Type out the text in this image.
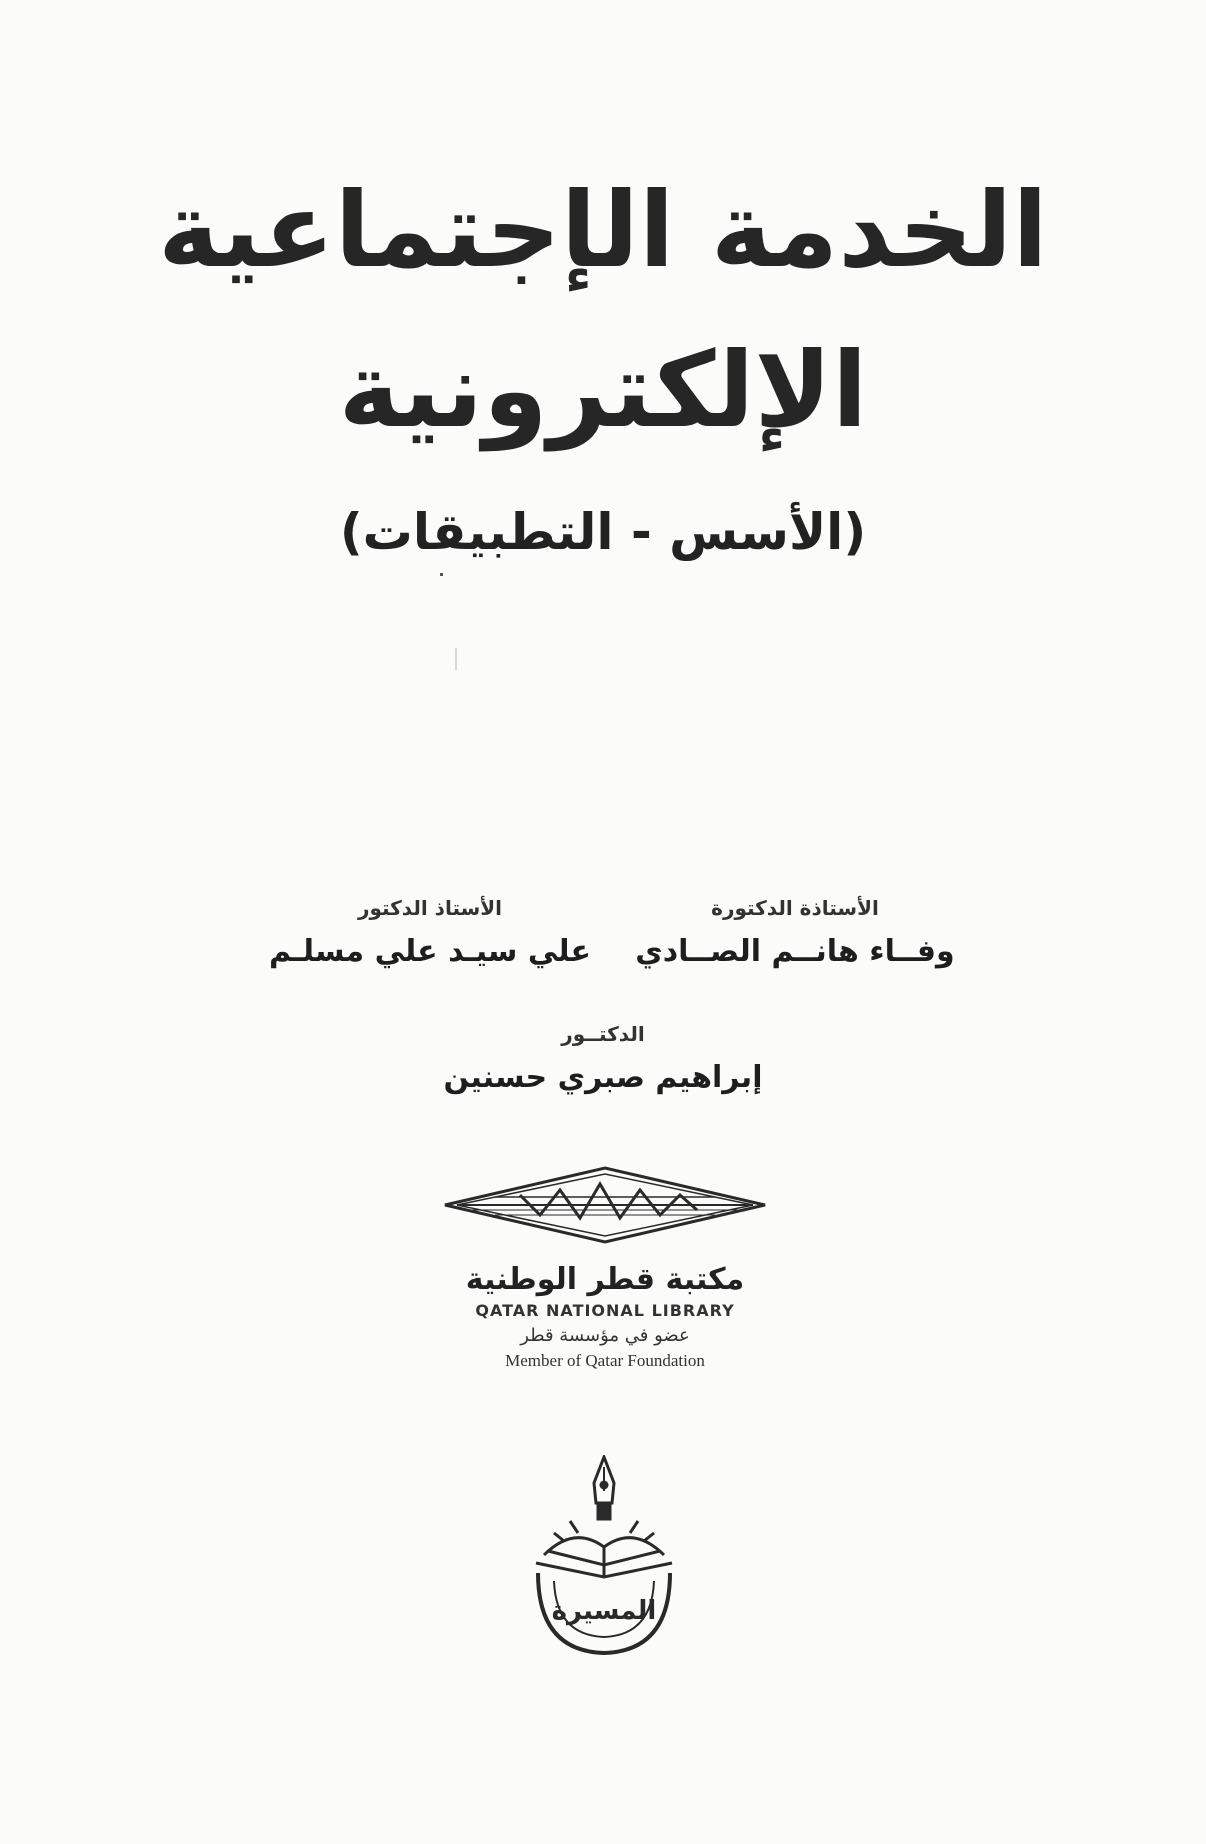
الخدمة الإجتماعية
الإلكترونية
(الأسس - التطبيقات)
الأستاذة الدكتورة
وفــاء هانــم الصــادي
الأستاذ الدكتور
علي سيـد علي مسلـم
الدكتــور
إبراهيم صبري حسنين
مكتبة قطر الوطنية
QATAR NATIONAL LIBRARY
عضو في مؤسسة قطر
Member of Qatar Foundation
المسيرة
